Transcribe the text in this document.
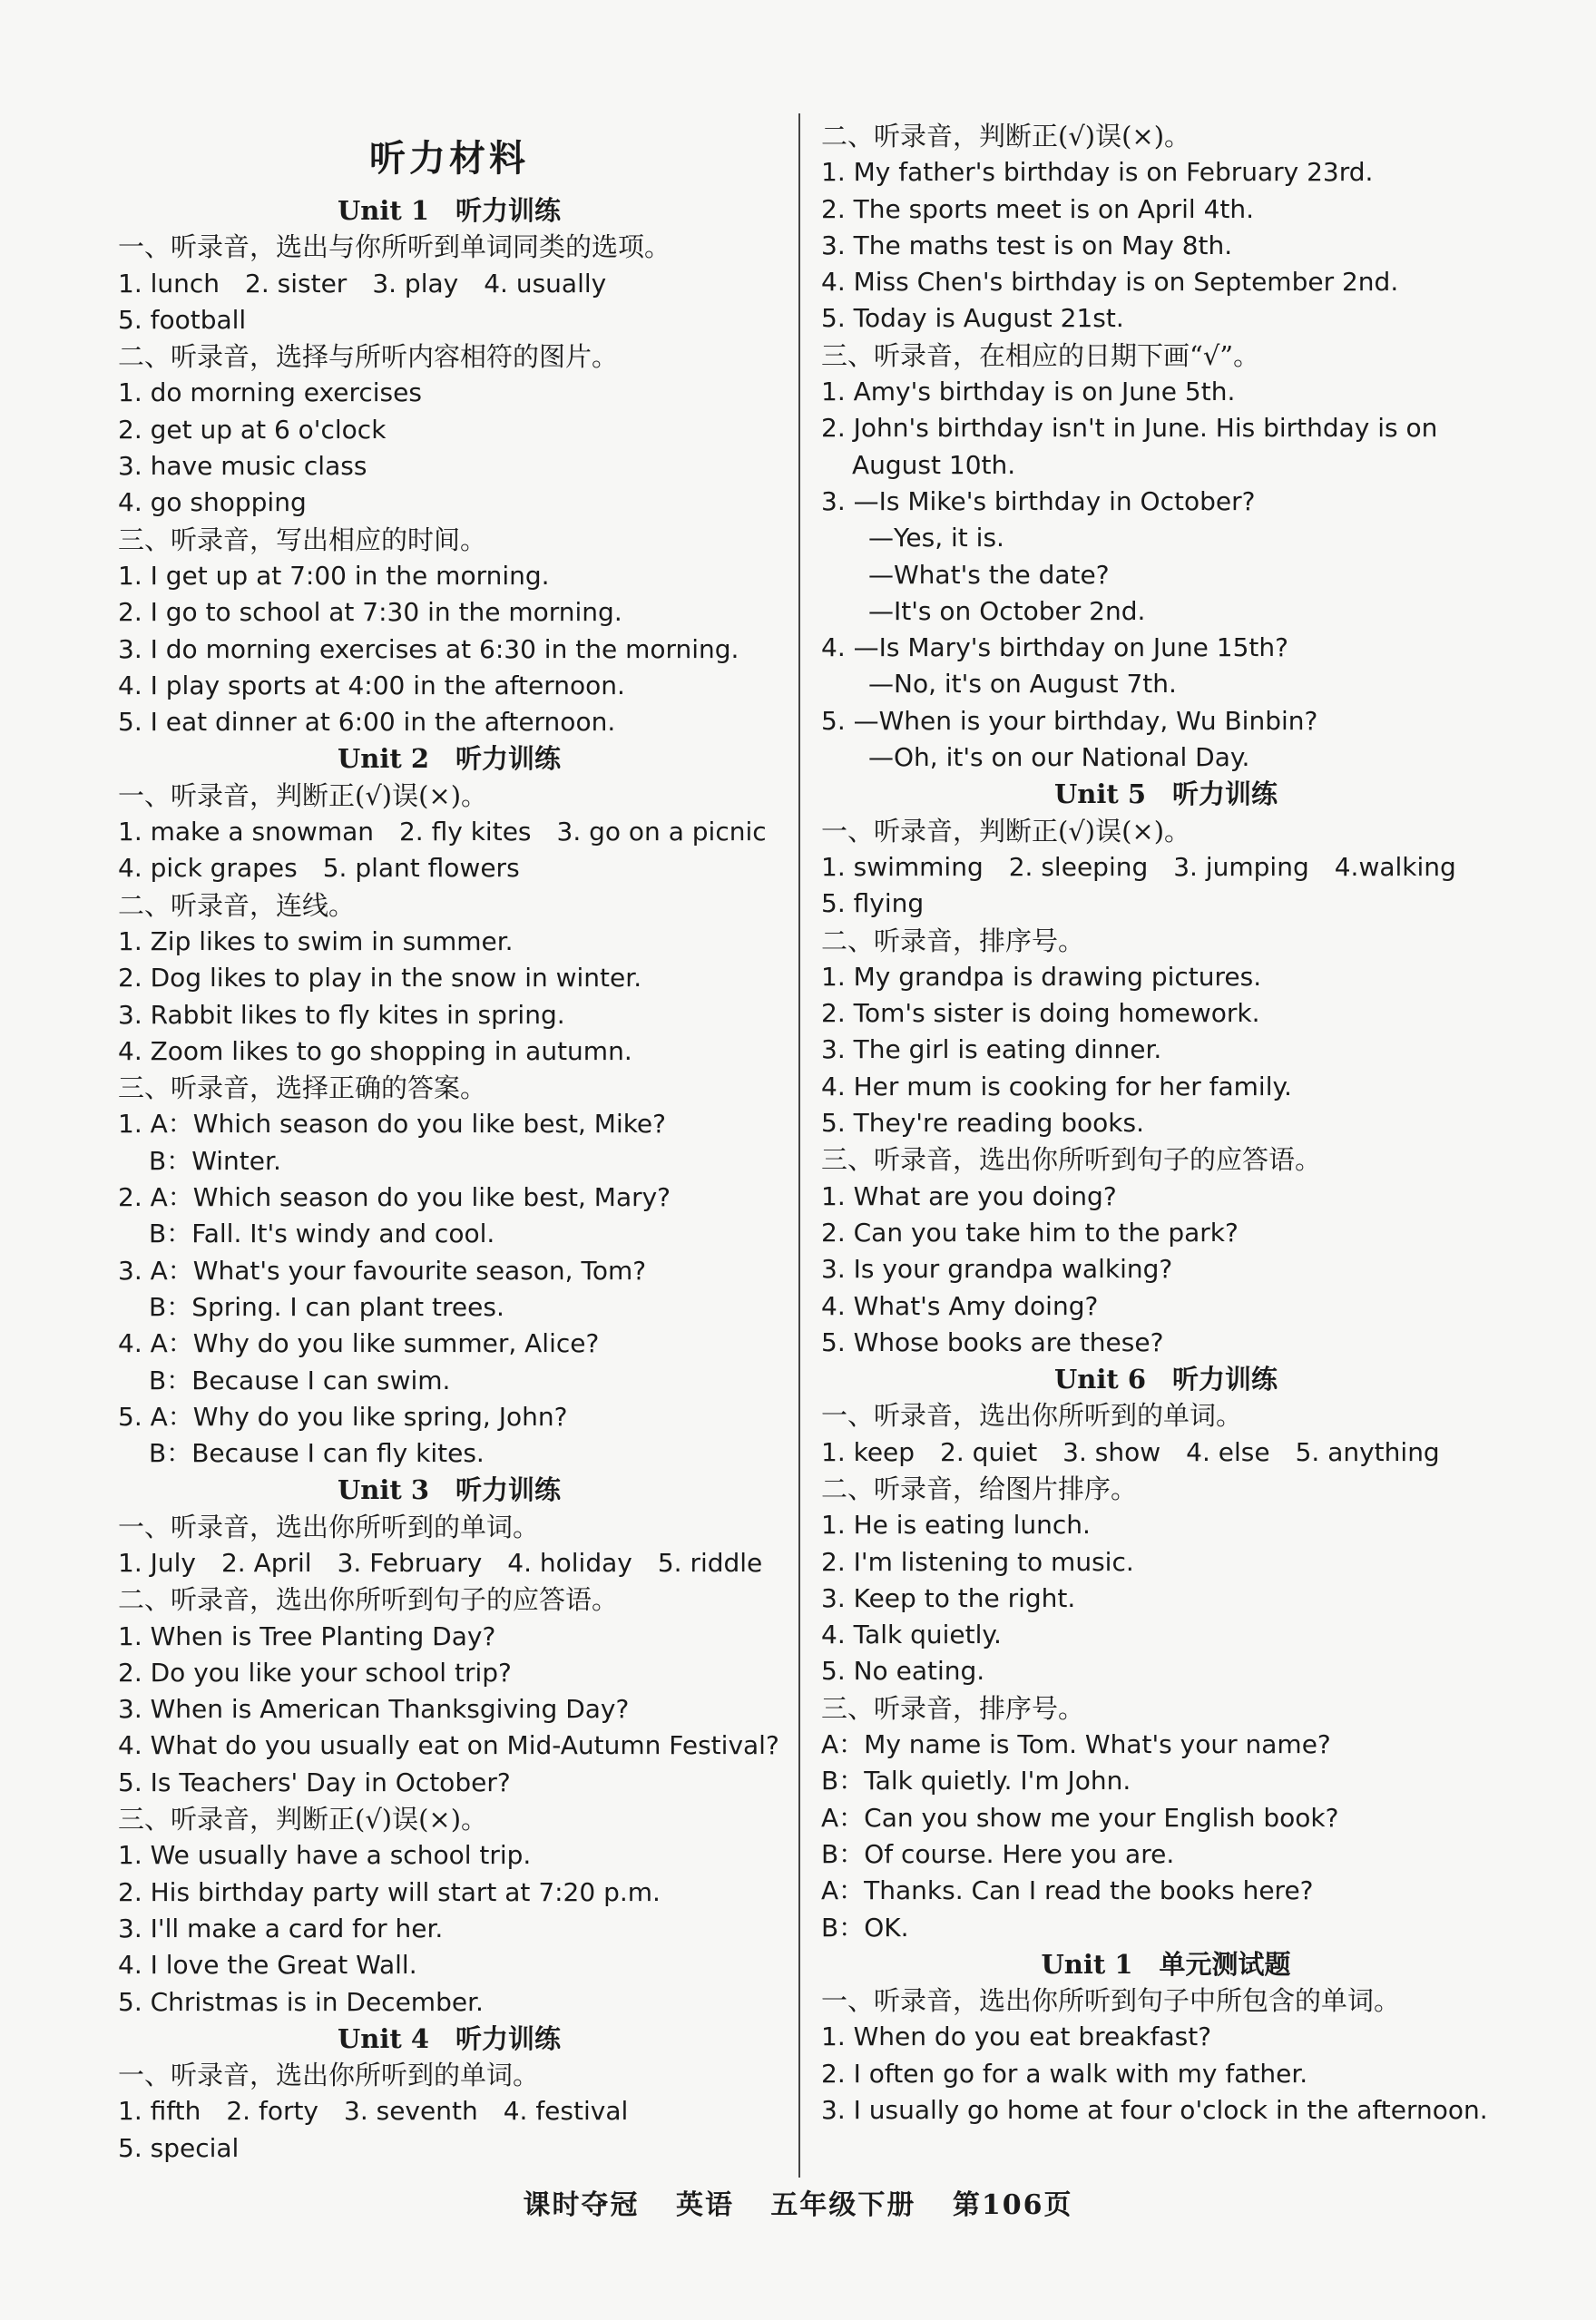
听力材料
Unit 1　听力训练
一、听录音，选出与你所听到单词同类的选项。
1. lunch　2. sister　3. play　4. usually
5. football
二、听录音，选择与所听内容相符的图片。
1. do morning exercises
2. get up at 6 o'clock
3. have music class
4. go shopping
三、听录音，写出相应的时间。
1. I get up at 7:00 in the morning.
2. I go to school at 7:30 in the morning.
3. I do morning exercises at 6:30 in the morning.
4. I play sports at 4:00 in the afternoon.
5. I eat dinner at 6:00 in the afternoon.
Unit 2　听力训练
一、听录音，判断正(√)误(×)。
1. make a snowman　2. fly kites　3. go on a picnic
4. pick grapes　5. plant flowers
二、听录音，连线。
1. Zip likes to swim in summer.
2. Dog likes to play in the snow in winter.
3. Rabbit likes to fly kites in spring.
4. Zoom likes to go shopping in autumn.
三、听录音，选择正确的答案。
1. A：Which season do you like best, Mike?
B：Winter.
2. A：Which season do you like best, Mary?
B：Fall. It's windy and cool.
3. A：What's your favourite season, Tom?
B：Spring. I can plant trees.
4. A：Why do you like summer, Alice?
B：Because I can swim.
5. A：Why do you like spring, John?
B：Because I can fly kites.
Unit 3　听力训练
一、听录音，选出你所听到的单词。
1. July　2. April　3. February　4. holiday　5. riddle
二、听录音，选出你所听到句子的应答语。
1. When is Tree Planting Day?
2. Do you like your school trip?
3. When is American Thanksgiving Day?
4. What do you usually eat on Mid-Autumn Festival?
5. Is Teachers' Day in October?
三、听录音，判断正(√)误(×)。
1. We usually have a school trip.
2. His birthday party will start at 7:20 p.m.
3. I'll make a card for her.
4. I love the Great Wall.
5. Christmas is in December.
Unit 4　听力训练
一、听录音，选出你所听到的单词。
1. fifth　2. forty　3. seventh　4. festival
5. special
二、听录音，判断正(√)误(×)。
1. My father's birthday is on February 23rd.
2. The sports meet is on April 4th.
3. The maths test is on May 8th.
4. Miss Chen's birthday is on September 2nd.
5. Today is August 21st.
三、听录音，在相应的日期下画“√”。
1. Amy's birthday is on June 5th.
2. John's birthday isn't in June. His birthday is on
August 10th.
3. —Is Mike's birthday in October?
—Yes, it is.
—What's the date?
—It's on October 2nd.
4. —Is Mary's birthday on June 15th?
—No, it's on August 7th.
5. —When is your birthday, Wu Binbin?
—Oh, it's on our National Day.
Unit 5　听力训练
一、听录音，判断正(√)误(×)。
1. swimming　2. sleeping　3. jumping　4.walking
5. flying
二、听录音，排序号。
1. My grandpa is drawing pictures.
2. Tom's sister is doing homework.
3. The girl is eating dinner.
4. Her mum is cooking for her family.
5. They're reading books.
三、听录音，选出你所听到句子的应答语。
1. What are you doing?
2. Can you take him to the park?
3. Is your grandpa walking?
4. What's Amy doing?
5. Whose books are these?
Unit 6　听力训练
一、听录音，选出你所听到的单词。
1. keep　2. quiet　3. show　4. else　5. anything
二、听录音，给图片排序。
1. He is eating lunch.
2. I'm listening to music.
3. Keep to the right.
4. Talk quietly.
5. No eating.
三、听录音，排序号。
A：My name is Tom. What's your name?
B：Talk quietly. I'm John.
A：Can you show me your English book?
B：Of course. Here you are.
A：Thanks. Can I read the books here?
B：OK.
Unit 1　单元测试题
一、听录音，选出你所听到句子中所包含的单词。
1. When do you eat breakfast?
2. I often go for a walk with my father.
3. I usually go home at four o'clock in the afternoon.
课时夺冠 英语 五年级下册 第106页
